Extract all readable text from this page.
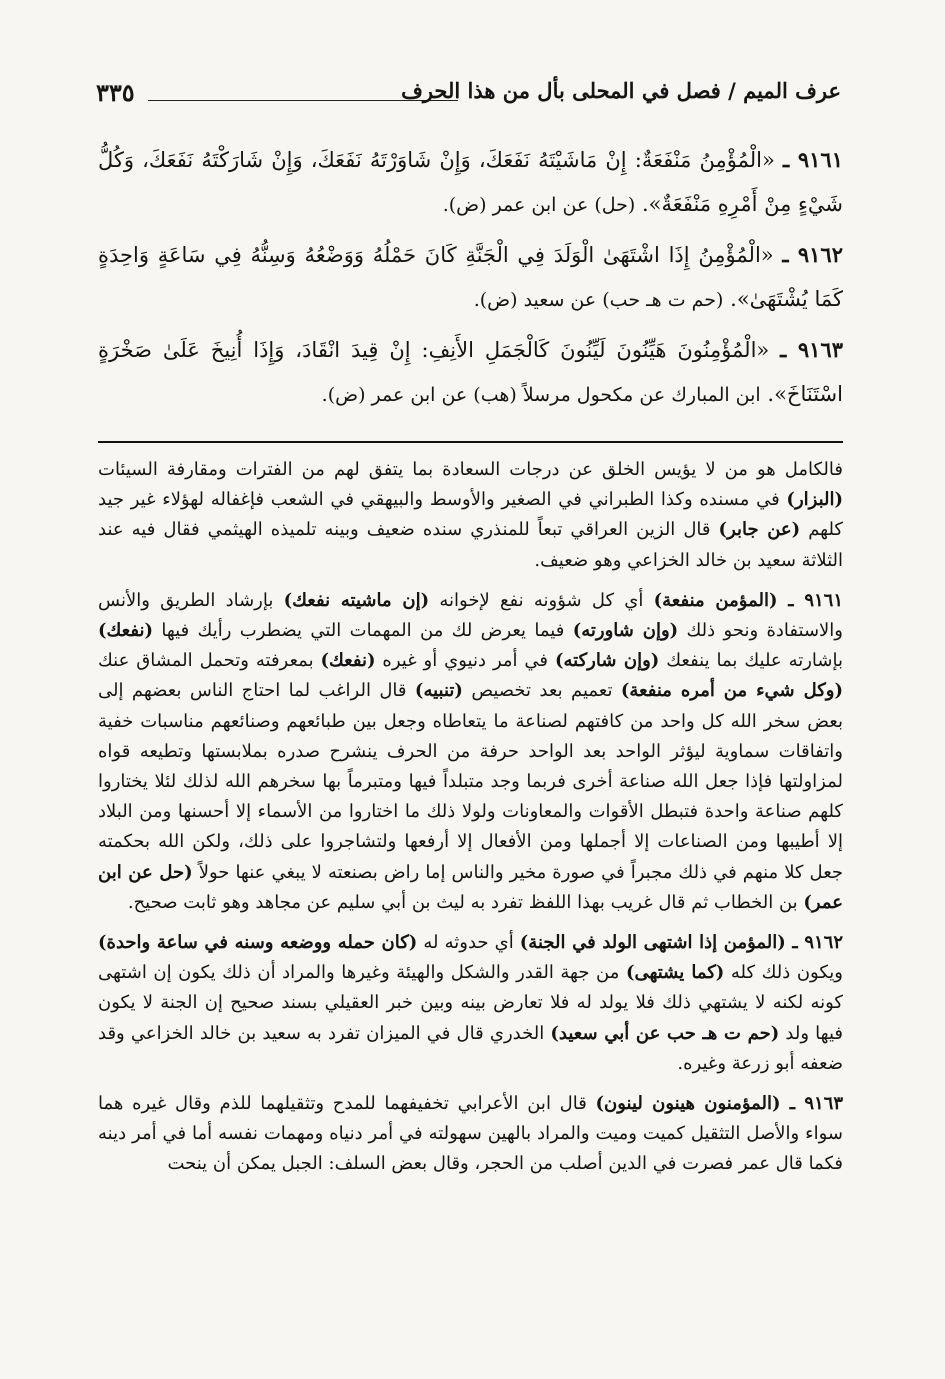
٣٣٥	عرف الميم / فصل في المحلى بأل من هذا الحرف
٩١٦١ ـ «الْمُؤْمِنُ مَنْفَعَةٌ: إِنْ مَاشَيْتَهُ نَفَعَكَ، وَإِنْ شَاوَرْتَهُ نَفَعَكَ، وَإِنْ شَارَكْتَهُ نَفَعَكَ، وَكُلُّ شَيْءٍ مِنْ أَمْرِهِ مَنْفَعَةٌ». (حل) عن ابن عمر (ض).
٩١٦٢ ـ «الْمُؤْمِنُ إِذَا اشْتَهَىٰ الْوَلَدَ فِي الْجَنَّةِ كَانَ حَمْلُهُ وَوَضْعُهُ وَسِنُّهُ فِي سَاعَةٍ وَاحِدَةٍ كَمَا يُشْتَهَىٰ». (حم ت هـ حب) عن سعيد (ض).
٩١٦٣ ـ «الْمُؤْمِنُونَ هَيِّنُونَ لَيِّنُونَ كَالْجَمَلِ الأَنِفِ: إِنْ قِيدَ انْقَادَ، وَإِذَا أُنِيخَ عَلَىٰ صَخْرَةٍ اسْتَنَاخَ». ابن المبارك عن مكحول مرسلاً (هب) عن ابن عمر (ض).

فالكامل هو من لا يؤيس الخلق عن درجات السعادة بما يتفق لهم من الفترات ومقارفة السيئات (البزار) في مسنده وكذا الطبراني في الصغير والأوسط والبيهقي في الشعب فإغفاله لهؤلاء غير جيد كلهم (عن جابر) قال الزين العراقي تبعاً للمنذري سنده ضعيف وبينه تلميذه الهيثمي فقال فيه عند الثلاثة سعيد بن خالد الخزاعي وهو ضعيف.

٩١٦١ ـ (المؤمن منفعة) أي كل شؤونه نفع لإخوانه (إن ماشيته نفعك) بإرشاد الطريق والأنس والاستفادة ونحو ذلك (وإن شاورته) فيما يعرض لك من المهمات التي يضطرب رأيك فيها (نفعك) بإشارته عليك بما ينفعك (وإن شاركته) في أمر دنيوي أو غيره (نفعك) بمعرفته وتحمل المشاق عنك (وكل شيء من أمره منفعة) تعميم بعد تخصيص (تنبيه) قال الراغب لما احتاج الناس بعضهم إلى بعض سخر الله كل واحد من كافتهم لصناعة ما يتعاطاه وجعل بين طبائعهم وصنائعهم مناسبات خفية واتفاقات سماوية ليؤثر الواحد بعد الواحد حرفة من الحرف ينشرح صدره بملابستها وتطيعه قواه لمزاولتها فإذا جعل الله صناعة أخرى فربما وجد متبلداً فيها ومتبرماً بها سخرهم الله لذلك لئلا يختاروا كلهم صناعة واحدة فتبطل الأقوات والمعاونات ولولا ذلك ما اختاروا من الأسماء إلا أحسنها ومن البلاد إلا أطيبها ومن الصناعات إلا أجملها ومن الأفعال إلا أرفعها ولتشاجروا على ذلك، ولكن الله بحكمته جعل كلا منهم في ذلك مجبراً في صورة مخير والناس إما راض بصنعته لا يبغي عنها حولاً (حل عن ابن عمر) بن الخطاب ثم قال غريب بهذا اللفظ تفرد به ليث بن أبي سليم عن مجاهد وهو ثابت صحيح.

٩١٦٢ ـ (المؤمن إذا اشتهى الولد في الجنة) أي حدوثه له (كان حمله ووضعه وسنه في ساعة واحدة) ويكون ذلك كله (كما يشتهى) من جهة القدر والشكل والهيئة وغيرها والمراد أن ذلك يكون إن اشتهى كونه لكنه لا يشتهي ذلك فلا يولد له فلا تعارض بينه وبين خبر العقيلي بسند صحيح إن الجنة لا يكون فيها ولد (حم ت هـ حب عن أبي سعيد) الخدري قال في الميزان تفرد به سعيد بن خالد الخزاعي وقد ضعفه أبو زرعة وغيره.

٩١٦٣ ـ (المؤمنون هينون لينون) قال ابن الأعرابي تخفيفهما للمدح وتثقيلهما للذم وقال غيره هما سواء والأصل التثقيل كميت وميت والمراد بالهين سهولته في أمر دنياه ومهمات نفسه أما في أمر دينه فكما قال عمر فصرت في الدين أصلب من الحجر، وقال بعض السلف: الجبل يمكن أن ينحت
